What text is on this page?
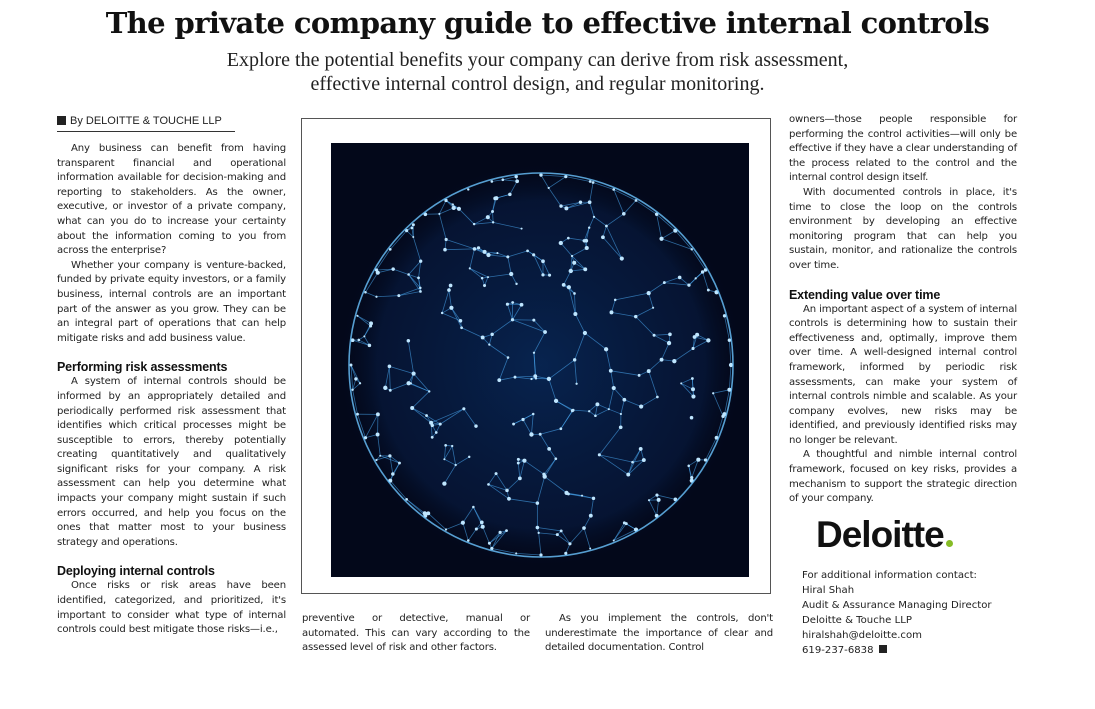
The private company guide to effective internal controls
Explore the potential benefits your company can derive from risk assessment,
effective internal control design, and regular monitoring.
By DELOITTE & TOUCHE LLP

Any business can benefit from having transparent financial and operational information available for decision-making and reporting to stakeholders. As the owner, executive, or investor of a private company, what can you do to increase your certainty about the information coming to you from across the enterprise?

Whether your company is venture-backed, funded by private equity investors, or a family business, internal controls are an important part of the answer as you grow. They can be an integral part of operations that can help mitigate risks and add business value.

Performing risk assessments

A system of internal controls should be informed by an appropriately detailed and periodically performed risk assessment that identifies which critical processes might be susceptible to errors, thereby potentially creating quantitatively and qualitatively significant risks for your company. A risk assessment can help you determine what impacts your company might sustain if such errors occurred, and help you focus on the ones that matter most to your business strategy and operations.

Deploying internal controls

Once risks or risk areas have been identified, categorized, and prioritized, it's important to consider what type of internal controls could best mitigate those risks—i.e.,

preventive or detective, manual or automated. This can vary according to the assessed level of risk and other factors.

As you implement the controls, don't underestimate the importance of clear and detailed documentation. Control

owners—those people responsible for performing the control activities—will only be effective if they have a clear understanding of the process related to the control and the internal control design itself.

With documented controls in place, it's time to close the loop on the controls environment by developing an effective monitoring program that can help you sustain, monitor, and rationalize the controls over time.

Extending value over time

An important aspect of a system of internal controls is determining how to sustain their effectiveness and, optimally, improve them over time. A well-designed internal control framework, informed by periodic risk assessments, can make your system of internal controls nimble and scalable. As your company evolves, new risks may be identified, and previously identified risks may no longer be relevant.

A thoughtful and nimble internal control framework, focused on key risks, provides a mechanism to support the strategic direction of your company.

Deloitte
For additional information contact:
Hiral Shah
Audit & Assurance Managing Director
Deloitte & Touche LLP
hiralshah@deloitte.com
619-237-6838
